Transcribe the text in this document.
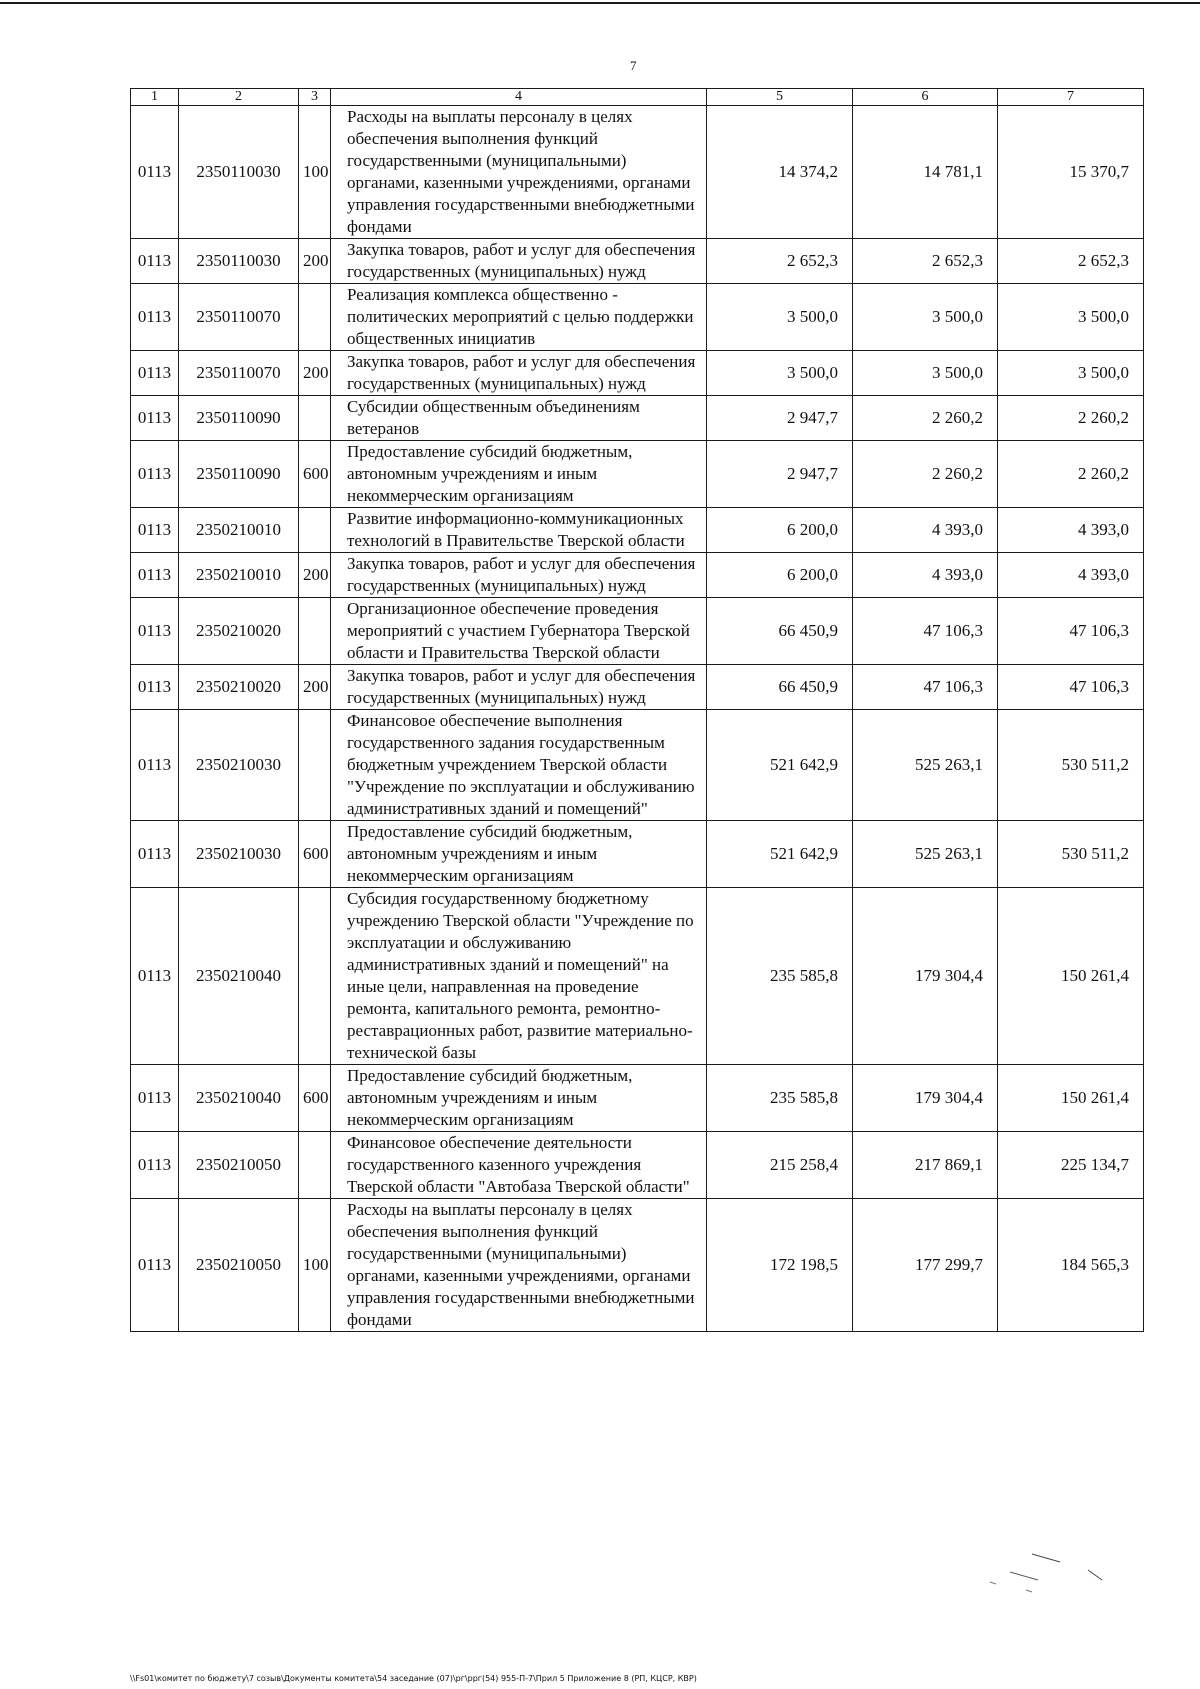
7
1	2	3	4	5	6	7
0113	2350110030	100	Расходы на выплаты персоналу в целях обеспечения выполнения функций государственными (муниципальными) органами, казенными учреждениями, органами управления государственными внебюджетными фондами	14 374,2	14 781,1	15 370,7
0113	2350110030	200	Закупка товаров, работ и услуг для обеспечения государственных (муниципальных) нужд	2 652,3	2 652,3	2 652,3
0113	2350110070		Реализация комплекса общественно - политических мероприятий с целью поддержки общественных инициатив	3 500,0	3 500,0	3 500,0
0113	2350110070	200	Закупка товаров, работ и услуг для обеспечения государственных (муниципальных) нужд	3 500,0	3 500,0	3 500,0
0113	2350110090		Субсидии общественным объединениям ветеранов	2 947,7	2 260,2	2 260,2
0113	2350110090	600	Предоставление субсидий бюджетным, автономным учреждениям и иным некоммерческим организациям	2 947,7	2 260,2	2 260,2
0113	2350210010		Развитие информационно-коммуникационных технологий в Правительстве Тверской области	6 200,0	4 393,0	4 393,0
0113	2350210010	200	Закупка товаров, работ и услуг для обеспечения государственных (муниципальных) нужд	6 200,0	4 393,0	4 393,0
0113	2350210020		Организационное обеспечение проведения мероприятий с участием Губернатора Тверской области и Правительства Тверской области	66 450,9	47 106,3	47 106,3
0113	2350210020	200	Закупка товаров, работ и услуг для обеспечения государственных (муниципальных) нужд	66 450,9	47 106,3	47 106,3
0113	2350210030		Финансовое обеспечение выполнения государственного задания государственным бюджетным учреждением Тверской области "Учреждение по эксплуатации и обслуживанию административных зданий и помещений"	521 642,9	525 263,1	530 511,2
0113	2350210030	600	Предоставление субсидий бюджетным, автономным учреждениям и иным некоммерческим организациям	521 642,9	525 263,1	530 511,2
0113	2350210040		Субсидия государственному бюджетному учреждению Тверской области "Учреждение по эксплуатации и обслуживанию административных зданий и помещений" на иные цели, направленная на проведение ремонта, капитального ремонта, ремонтно-реставрационных работ, развитие материально-технической базы	235 585,8	179 304,4	150 261,4
0113	2350210040	600	Предоставление субсидий бюджетным, автономным учреждениям и иным некоммерческим организациям	235 585,8	179 304,4	150 261,4
0113	2350210050		Финансовое обеспечение деятельности государственного казенного учреждения Тверской области "Автобаза Тверской области"	215 258,4	217 869,1	225 134,7
0113	2350210050	100	Расходы на выплаты персоналу в целях обеспечения выполнения функций государственными (муниципальными) органами, казенными учреждениями, органами управления государственными внебюджетными фондами	172 198,5	177 299,7	184 565,3
\\Fs01\комитет по бюджету\7 созыв\Документы комитета\54 заседание (07)\рг\ррг(54) 955-П-7\Прил 5 Приложение 8 (РП, КЦСР, КВР)
